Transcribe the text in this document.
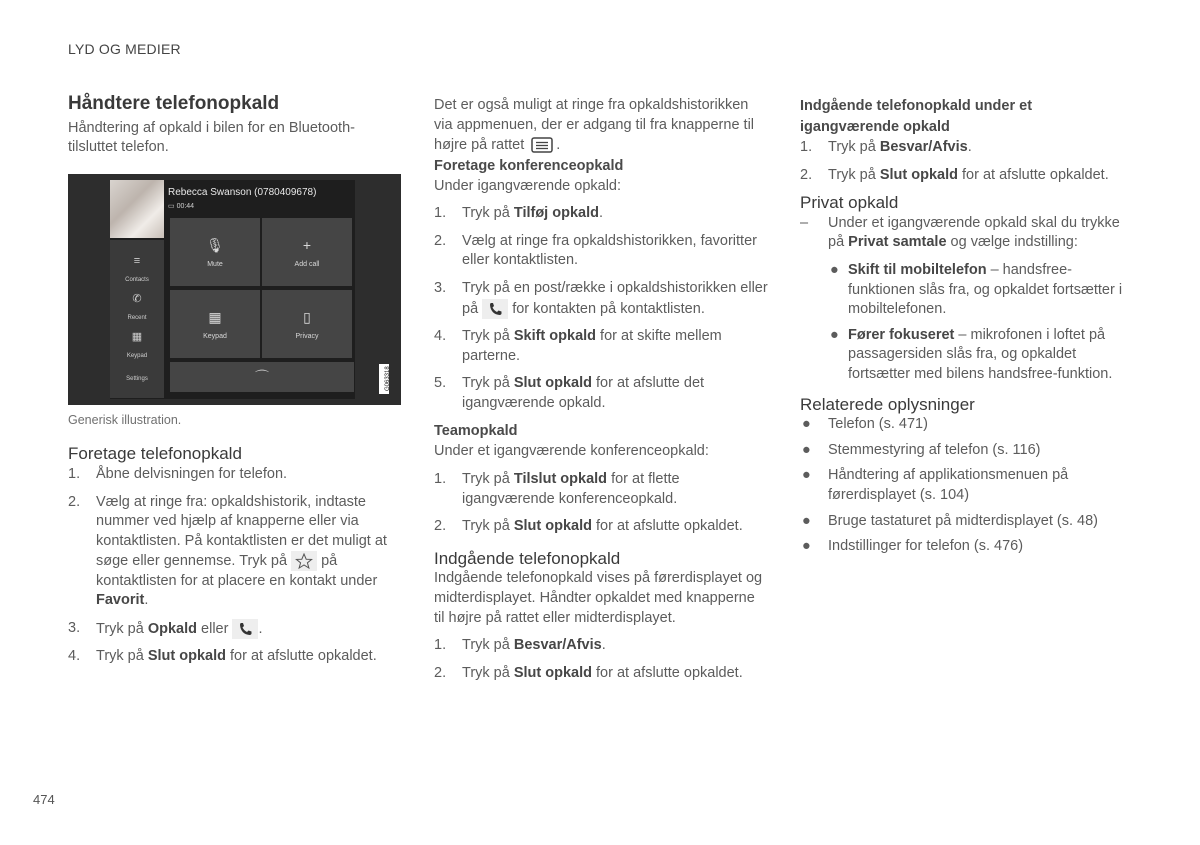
LYD OG MEDIER
474
Håndtere telefonopkald
Håndtering af opkald i bilen for en Bluetooth-tilsluttet telefon.
≡
Contacts
✆
Recent
▦
Keypad
Settings
Rebecca Swanson (0780409678)
▭ 00:44
🎙
Mute
+
Add call
▦
Keypad
▯
Privacy
⌒	G063318
Generisk illustration.
Foretage telefonopkald
1. Åbne delvisningen for telefon.
2. Vælg at ringe fra: opkaldshistorik, indtaste nummer ved hjælp af knapperne eller via kontaktlisten. På kontaktlisten er det muligt at søge eller gennemse. Tryk på  på kontaktlisten for at placere en kontakt under Favorit.
3. Tryk på Opkald eller .
4. Tryk på Slut opkald for at afslutte opkaldet.
Det er også muligt at ringe fra opkaldshistorikken via appmenuen, der er adgang til fra knapperne til højre på rattet .
Foretage konferenceopkald
Under igangværende opkald:
1. Tryk på Tilføj opkald.
2. Vælg at ringe fra opkaldshistorikken, favoritter eller kontaktlisten.
3. Tryk på en post/række i opkaldshistorikken eller på  for kontakten på kontaktlisten.
4. Tryk på Skift opkald for at skifte mellem parterne.
5. Tryk på Slut opkald for at afslutte det igangværende opkald.
Teamopkald
Under et igangværende konferenceopkald:
1. Tryk på Tilslut opkald for at flette igangværende konferenceopkald.
2. Tryk på Slut opkald for at afslutte opkaldet.
Indgående telefonopkald
Indgående telefonopkald vises på førerdisplayet og midterdisplayet. Håndter opkaldet med knapperne til højre på rattet eller midterdisplayet.
1. Tryk på Besvar/Afvis.
2. Tryk på Slut opkald for at afslutte opkaldet.
Indgående telefonopkald under et igangværende opkald
1. Tryk på Besvar/Afvis.
2. Tryk på Slut opkald for at afslutte opkaldet.
Privat opkald
– Under et igangværende opkald skal du trykke på Privat samtale og vælge indstilling:
● Skift til mobiltelefon – handsfree-funktionen slås fra, og opkaldet fortsætter i mobiltelefonen.
● Fører fokuseret – mikrofonen i loftet på passagersiden slås fra, og opkaldet fortsætter med bilens handsfree-funktion.
Relaterede oplysninger
● Telefon (s. 471)
● Stemmestyring af telefon (s. 116)
● Håndtering af applikationsmenuen på førerdisplayet (s. 104)
● Bruge tastaturet på midterdisplayet (s. 48)
● Indstillinger for telefon (s. 476)
